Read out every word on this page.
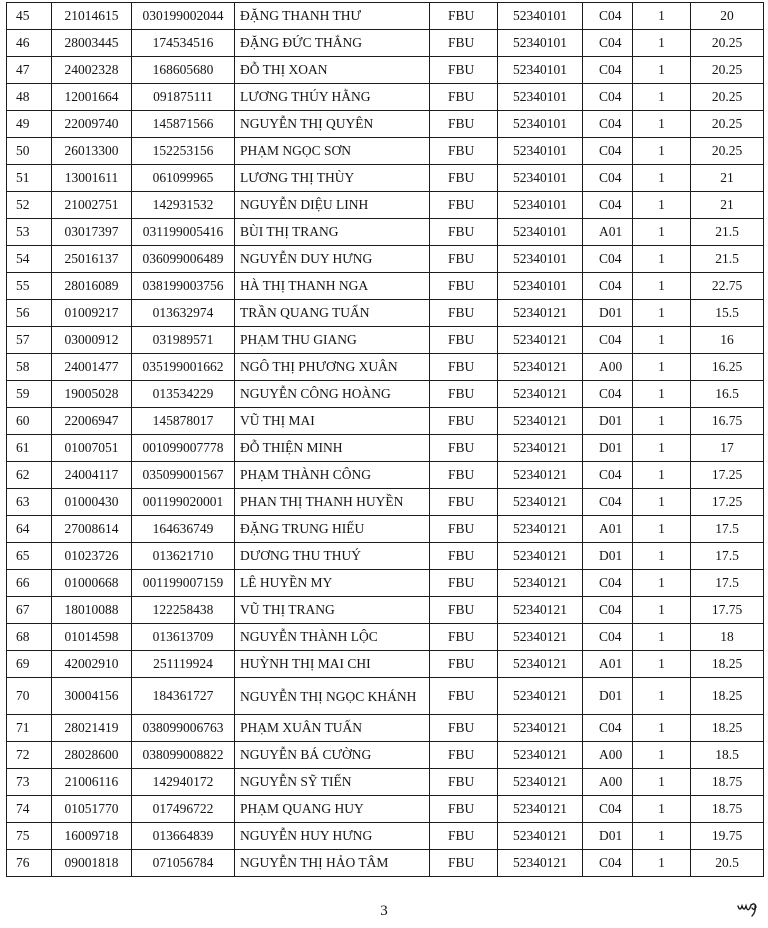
45	21014615	030199002044	ĐẶNG THANH THƯ	FBU	52340101	C04	1	20
46	28003445	174534516	ĐẶNG ĐỨC THẮNG	FBU	52340101	C04	1	20.25
47	24002328	168605680	ĐỖ THỊ XOAN	FBU	52340101	C04	1	20.25
48	12001664	091875111	LƯƠNG THÚY HẰNG	FBU	52340101	C04	1	20.25
49	22009740	145871566	NGUYỄN THỊ QUYÊN	FBU	52340101	C04	1	20.25
50	26013300	152253156	PHẠM NGỌC SƠN	FBU	52340101	C04	1	20.25
51	13001611	061099965	LƯƠNG THỊ THÙY	FBU	52340101	C04	1	21
52	21002751	142931532	NGUYỄN DIỆU LINH	FBU	52340101	C04	1	21
53	03017397	031199005416	BÙI THỊ TRANG	FBU	52340101	A01	1	21.5
54	25016137	036099006489	NGUYỄN DUY HƯNG	FBU	52340101	C04	1	21.5
55	28016089	038199003756	HÀ THỊ THANH NGA	FBU	52340101	C04	1	22.75
56	01009217	013632974	TRẦN QUANG TUẤN	FBU	52340121	D01	1	15.5
57	03000912	031989571	PHẠM THU GIANG	FBU	52340121	C04	1	16
58	24001477	035199001662	NGÔ THỊ PHƯƠNG XUÂN	FBU	52340121	A00	1	16.25
59	19005028	013534229	NGUYỄN CÔNG HOÀNG	FBU	52340121	C04	1	16.5
60	22006947	145878017	VŨ THỊ MAI	FBU	52340121	D01	1	16.75
61	01007051	001099007778	ĐỖ THIỆN MINH	FBU	52340121	D01	1	17
62	24004117	035099001567	PHẠM THÀNH CÔNG	FBU	52340121	C04	1	17.25
63	01000430	001199020001	PHAN THỊ THANH HUYỀN	FBU	52340121	C04	1	17.25
64	27008614	164636749	ĐẶNG TRUNG HIẾU	FBU	52340121	A01	1	17.5
65	01023726	013621710	DƯƠNG THU THUÝ	FBU	52340121	D01	1	17.5
66	01000668	001199007159	LÊ HUYỀN MY	FBU	52340121	C04	1	17.5
67	18010088	122258438	VŨ THỊ TRANG	FBU	52340121	C04	1	17.75
68	01014598	013613709	NGUYỄN THÀNH LỘC	FBU	52340121	C04	1	18
69	42002910	251119924	HUỲNH THỊ MAI CHI	FBU	52340121	A01	1	18.25
70	30004156	184361727	NGUYỄN THỊ NGỌC KHÁNH	FBU	52340121	D01	1	18.25
71	28021419	038099006763	PHẠM XUÂN TUẤN	FBU	52340121	C04	1	18.25
72	28028600	038099008822	NGUYỄN BÁ CƯỜNG	FBU	52340121	A00	1	18.5
73	21006116	142940172	NGUYỄN SỸ TIẾN	FBU	52340121	A00	1	18.75
74	01051770	017496722	PHẠM QUANG HUY	FBU	52340121	C04	1	18.75
75	16009718	013664839	NGUYỄN HUY HƯNG	FBU	52340121	D01	1	19.75
76	09001818	071056784	NGUYỄN THỊ HẢO TÂM	FBU	52340121	C04	1	20.5
3
